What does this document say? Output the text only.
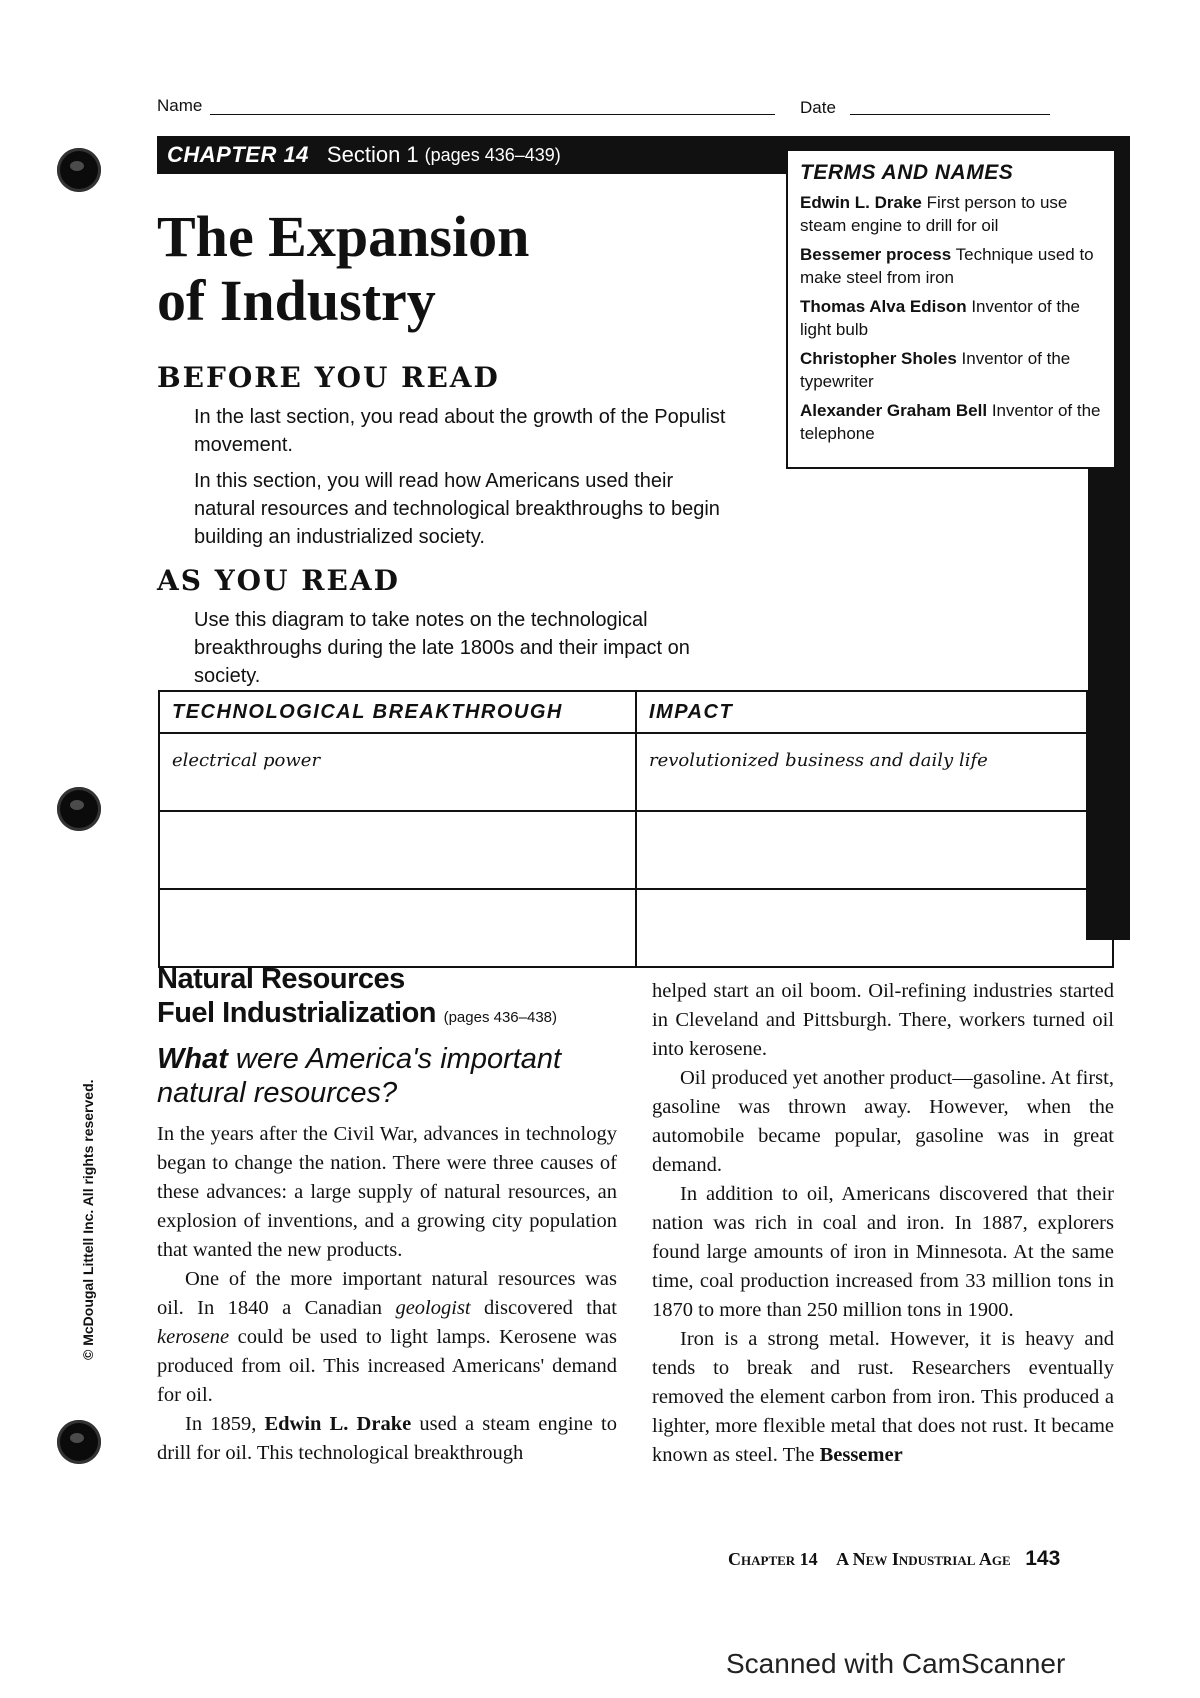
Name	Date
CHAPTER 14 Section 1 (pages 436–439)
The Expansion
of Industry
BEFORE YOU READ

In the last section, you read about the growth of the Populist movement.

In this section, you will read how Americans used their natural resources and technological breakthroughs to begin building an industrialized society.

AS YOU READ
Use this diagram to take notes on the technological breakthroughs during the late 1800s and their impact on society.
TERMS AND NAMES
Edwin L. Drake First person to use steam engine to drill for oil
Bessemer process Technique used to make steel from iron
Thomas Alva Edison Inventor of the light bulb
Christopher Sholes Inventor of the typewriter
Alexander Graham Bell Inventor of the telephone
TECHNOLOGICAL BREAKTHROUGH	IMPACT
electrical power	revolutionized business and daily life

Natural Resources
Fuel Industrialization (pages 436–438)
What were America's important
natural resources?

In the years after the Civil War, advances in technology began to change the nation. There were three causes of these advances: a large supply of natural resources, an explosion of inventions, and a growing city population that wanted the new products.

One of the more important natural resources was oil. In 1840 a Canadian geologist discovered that kerosene could be used to light lamps. Kerosene was produced from oil. This increased Americans' demand for oil.

In 1859, Edwin L. Drake used a steam engine to drill for oil. This technological breakthrough

helped start an oil boom. Oil-refining industries started in Cleveland and Pittsburgh. There, workers turned oil into kerosene.

Oil produced yet another product—gasoline. At first, gasoline was thrown away. However, when the automobile became popular, gasoline was in great demand.

In addition to oil, Americans discovered that their nation was rich in coal and iron. In 1887, explorers found large amounts of iron in Minnesota. At the same time, coal production increased from 33 million tons in 1870 to more than 250 million tons in 1900.

Iron is a strong metal. However, it is heavy and tends to break and rust. Researchers eventually removed the element carbon from iron. This produced a lighter, more flexible metal that does not rust. It became known as steel. The Bessemer

© McDougal Littell Inc. All rights reserved.
Chapter 14 A New Industrial Age 143
Scanned with CamScanner
